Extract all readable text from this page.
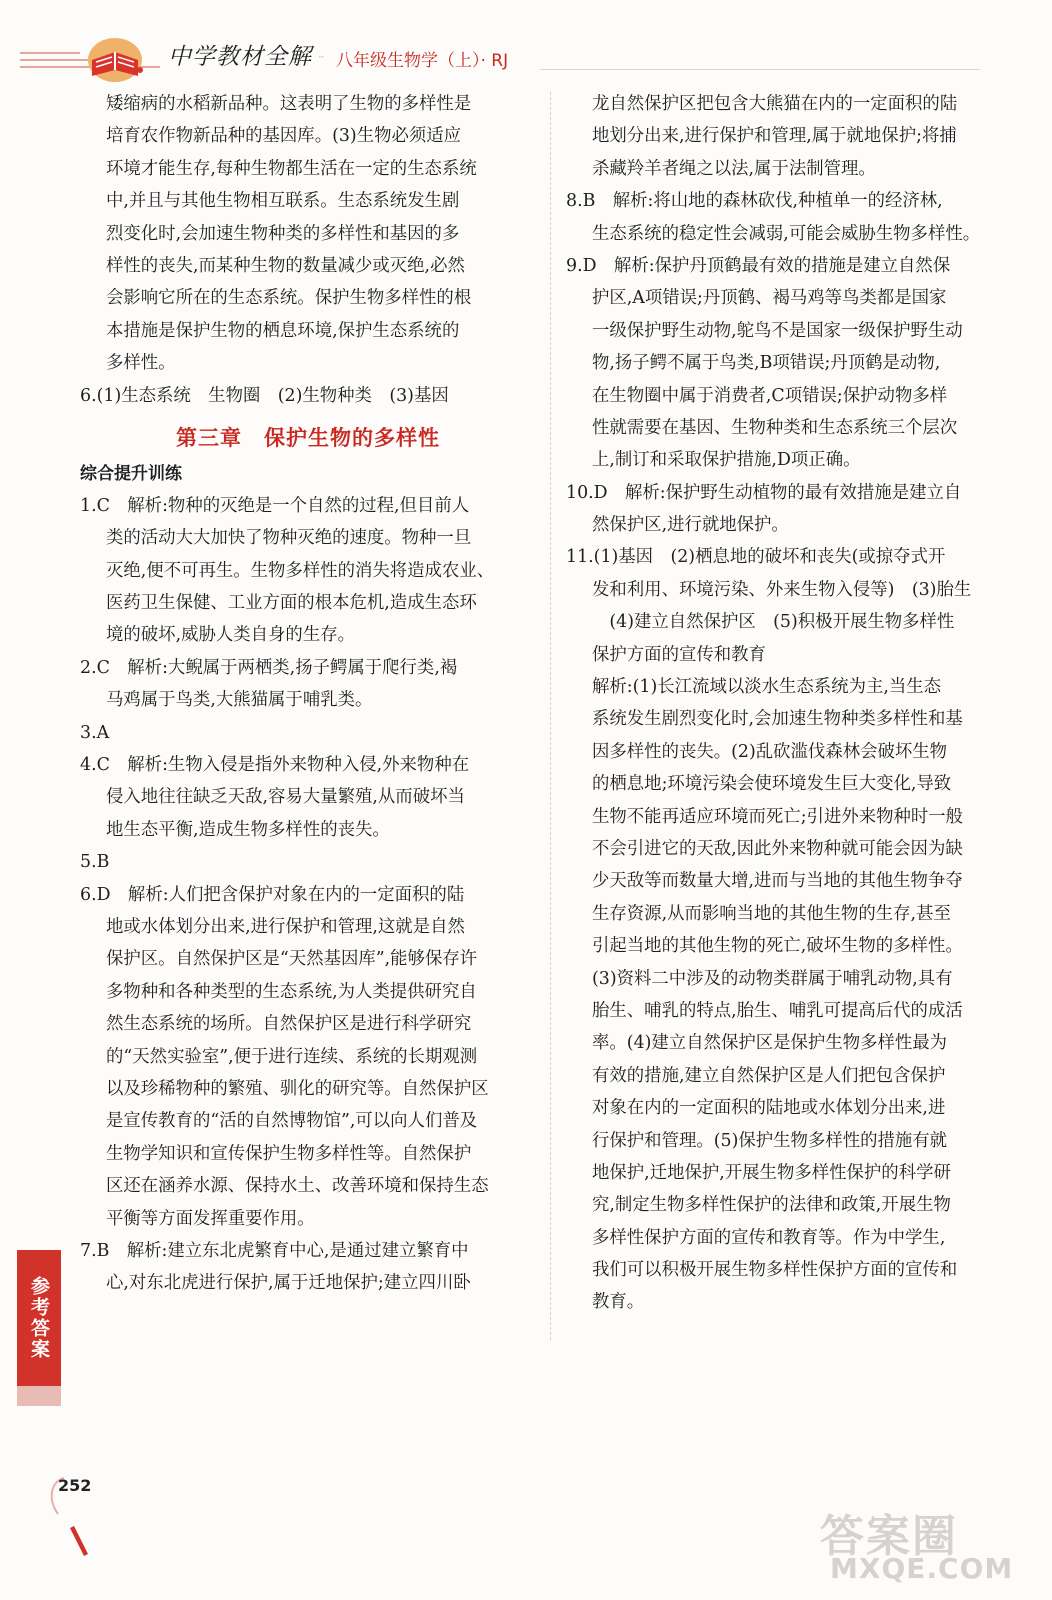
中学教材全解 ·· 八年级生物学（上）· RJ
矮缩病的水稻新品种。这表明了生物的多样性是
培育农作物新品种的基因库。(3)生物必须适应
环境才能生存,每种生物都生活在一定的生态系统
中,并且与其他生物相互联系。生态系统发生剧
烈变化时,会加速生物种类的多样性和基因的多
样性的丧失,而某种生物的数量减少或灭绝,必然
会影响它所在的生态系统。保护生物多样性的根
本措施是保护生物的栖息环境,保护生态系统的
多样性。
6.(1)生态系统　生物圈　(2)生物种类　(3)基因
第三章　保护生物的多样性
综合提升训练
1.C　解析:物种的灭绝是一个自然的过程,但目前人
类的活动大大加快了物种灭绝的速度。物种一旦
灭绝,便不可再生。生物多样性的消失将造成农业、
医药卫生保健、工业方面的根本危机,造成生态环
境的破坏,威胁人类自身的生存。
2.C　解析:大鲵属于两栖类,扬子鳄属于爬行类,褐
马鸡属于鸟类,大熊猫属于哺乳类。
3.A
4.C　解析:生物入侵是指外来物种入侵,外来物种在
侵入地往往缺乏天敌,容易大量繁殖,从而破坏当
地生态平衡,造成生物多样性的丧失。
5.B
6.D　解析:人们把含保护对象在内的一定面积的陆
地或水体划分出来,进行保护和管理,这就是自然
保护区。自然保护区是“天然基因库”,能够保存许
多物种和各种类型的生态系统,为人类提供研究自
然生态系统的场所。自然保护区是进行科学研究
的“天然实验室”,便于进行连续、系统的长期观测
以及珍稀物种的繁殖、驯化的研究等。自然保护区
是宣传教育的“活的自然博物馆”,可以向人们普及
生物学知识和宣传保护生物多样性等。自然保护
区还在涵养水源、保持水土、改善环境和保持生态
平衡等方面发挥重要作用。
7.B　解析:建立东北虎繁育中心,是通过建立繁育中
心,对东北虎进行保护,属于迁地保护;建立四川卧
龙自然保护区把包含大熊猫在内的一定面积的陆
地划分出来,进行保护和管理,属于就地保护;将捕
杀藏羚羊者绳之以法,属于法制管理。
8.B　解析:将山地的森林砍伐,种植单一的经济林,
生态系统的稳定性会减弱,可能会威胁生物多样性。
9.D　解析:保护丹顶鹤最有效的措施是建立自然保
护区,A项错误;丹顶鹤、褐马鸡等鸟类都是国家
一级保护野生动物,鸵鸟不是国家一级保护野生动
物,扬子鳄不属于鸟类,B项错误;丹顶鹤是动物,
在生物圈中属于消费者,C项错误;保护动物多样
性就需要在基因、生物种类和生态系统三个层次
上,制订和采取保护措施,D项正确。
10.D　解析:保护野生动植物的最有效措施是建立自
然保护区,进行就地保护。
11.(1)基因　(2)栖息地的破坏和丧失(或掠夺式开
发和利用、环境污染、外来生物入侵等)　(3)胎生
　(4)建立自然保护区　(5)积极开展生物多样性
保护方面的宣传和教育
解析:(1)长江流域以淡水生态系统为主,当生态
系统发生剧烈变化时,会加速生物种类多样性和基
因多样性的丧失。(2)乱砍滥伐森林会破坏生物
的栖息地;环境污染会使环境发生巨大变化,导致
生物不能再适应环境而死亡;引进外来物种时一般
不会引进它的天敌,因此外来物种就可能会因为缺
少天敌等而数量大增,进而与当地的其他生物争夺
生存资源,从而影响当地的其他生物的生存,甚至
引起当地的其他生物的死亡,破坏生物的多样性。
(3)资料二中涉及的动物类群属于哺乳动物,具有
胎生、哺乳的特点,胎生、哺乳可提高后代的成活
率。(4)建立自然保护区是保护生物多样性最为
有效的措施,建立自然保护区是人们把包含保护
对象在内的一定面积的陆地或水体划分出来,进
行保护和管理。(5)保护生物多样性的措施有就
地保护,迁地保护,开展生物多样性保护的科学研
究,制定生物多样性保护的法律和政策,开展生物
多样性保护方面的宣传和教育等。作为中学生,
我们可以积极开展生物多样性保护方面的宣传和
教育。
参考答案
252
答案圈
MXQE.COM
